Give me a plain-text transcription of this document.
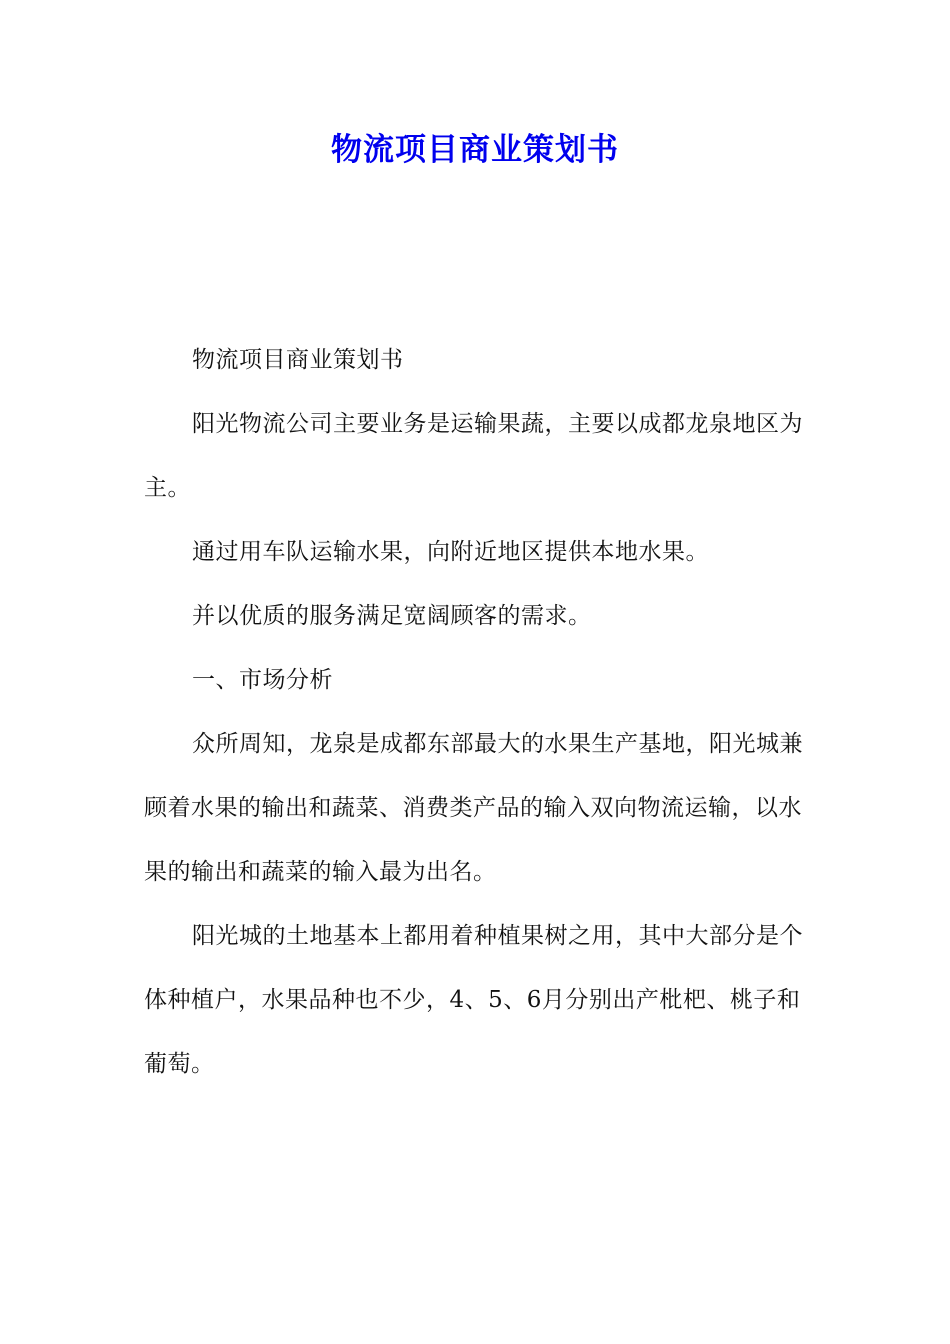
物流项目商业策划书

物流项目商业策划书

阳光物流公司主要业务是运输果蔬，主要以成都龙泉地区为主。

通过用车队运输水果，向附近地区提供本地水果。

并以优质的服务满足宽阔顾客的需求。

一、市场分析

众所周知，龙泉是成都东部最大的水果生产基地，阳光城兼顾着水果的输出和蔬菜、消费类产品的输入双向物流运输，以水果的输出和蔬菜的输入最为出名。

阳光城的土地基本上都用着种植果树之用，其中大部分是个体种植户，水果品种也不少，4、5、6月分别出产枇杷、桃子和葡萄。
